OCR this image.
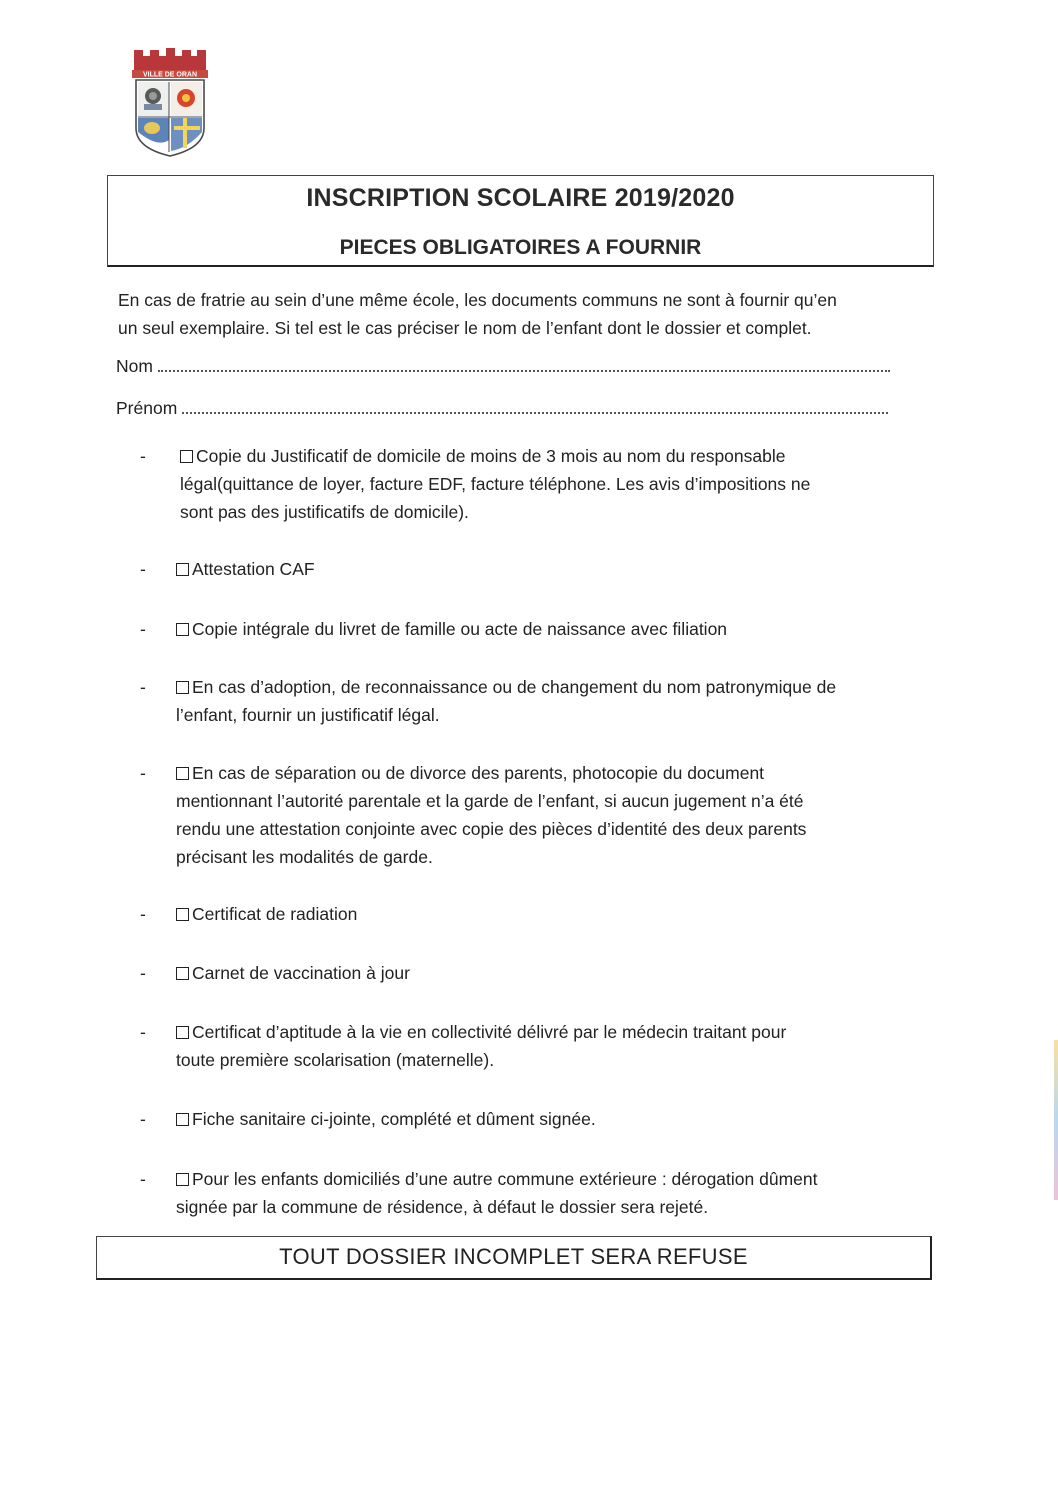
VILLE DE ORAN
INSCRIPTION SCOLAIRE 2019/2020
PIECES OBLIGATOIRES A FOURNIR
En cas de fratrie au sein d’une même école, les documents communs ne sont à fournir qu’en
un seul exemplaire. Si tel est le cas préciser le nom de l’enfant dont le dossier et complet.
Nom
Prénom
-	Copie du Justificatif de domicile de moins de 3 mois au nom du responsable
légal(quittance de loyer, facture EDF, facture téléphone. Les avis d’impositions ne
sont pas des justificatifs de domicile).
-	Attestation CAF
-	Copie intégrale du livret de famille ou acte de naissance avec filiation
-	En cas d’adoption, de reconnaissance ou de changement du nom patronymique de
l’enfant, fournir un justificatif légal.
-	En cas de séparation ou de divorce des parents, photocopie du document
mentionnant l’autorité parentale et la garde de l’enfant, si aucun jugement n’a été
rendu une attestation conjointe avec copie des pièces d’identité des deux parents
précisant les modalités de garde.
-	Certificat de radiation
-	Carnet de vaccination à jour
-	Certificat d’aptitude à la vie en collectivité délivré par le médecin traitant pour
toute première scolarisation (maternelle).
-	Fiche sanitaire ci-jointe, complété et dûment signée.
-	Pour les enfants domiciliés d’une autre commune extérieure : dérogation dûment
signée par la commune de résidence, à défaut le dossier sera rejeté.
TOUT DOSSIER INCOMPLET SERA REFUSE
